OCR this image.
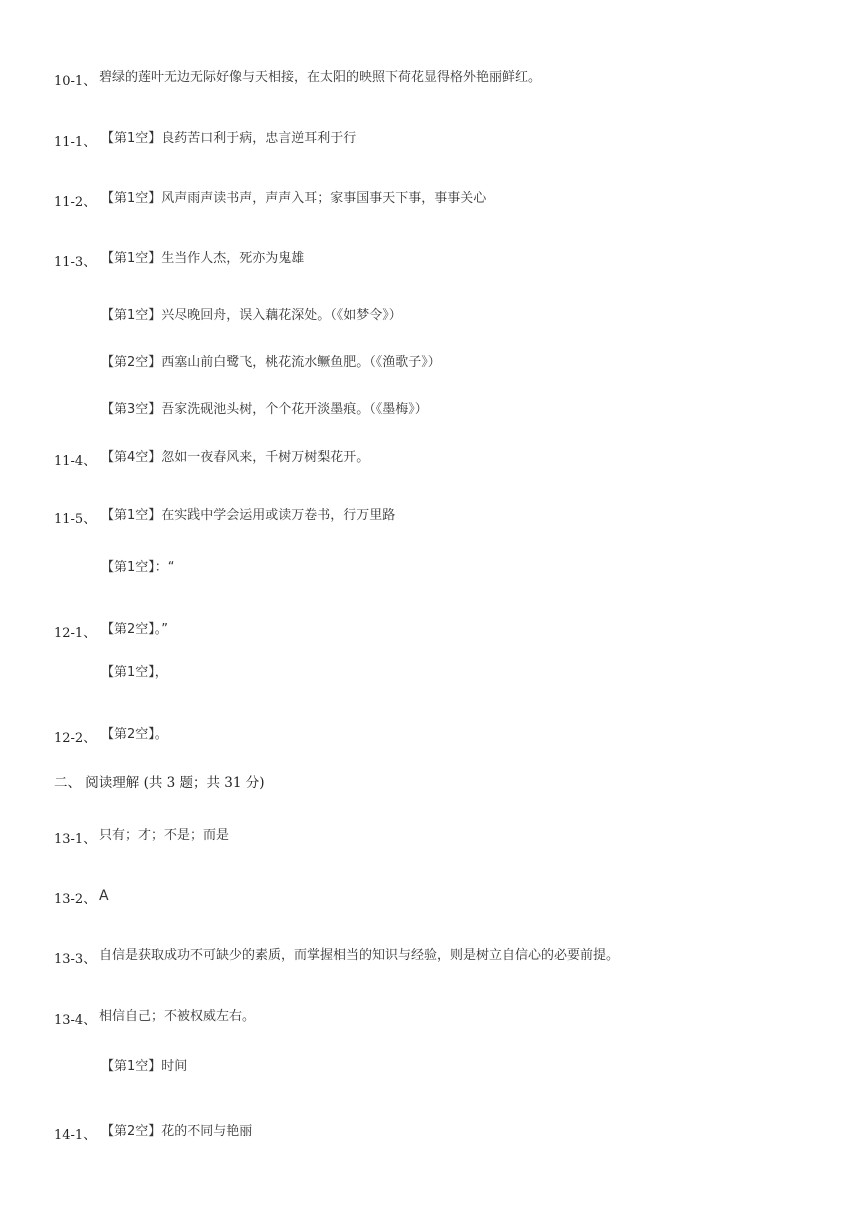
10-1、 碧绿的莲叶无边无际好像与天相接，在太阳的映照下荷花显得格外艳丽鲜红。
11-1、 【第1空】良药苦口利于病，忠言逆耳利于行
11-2、 【第1空】风声雨声读书声，声声入耳；家事国事天下事，事事关心
11-3、 【第1空】生当作人杰，死亦为鬼雄
【第1空】兴尽晚回舟，误入藕花深处。（《如梦令》）
【第2空】西塞山前白鹭飞，桃花流水鳜鱼肥。（《渔歌子》）
【第3空】吾家洗砚池头树，个个花开淡墨痕。（《墨梅》）
11-4、 【第4空】忽如一夜春风来，千树万树梨花开。
11-5、 【第1空】在实践中学会运用或读万卷书，行万里路
【第1空】：“
12-1、 【第2空】。”
【第1空】，
12-2、 【第2空】。
二、 阅读理解 (共 3 题；共 31 分)
13-1、 只有；才；不是；而是
13-2、 A
13-3、 自信是获取成功不可缺少的素质，而掌握相当的知识与经验，则是树立自信心的必要前提。
13-4、 相信自己；不被权威左右。
【第1空】时间
14-1、 【第2空】花的不同与艳丽
